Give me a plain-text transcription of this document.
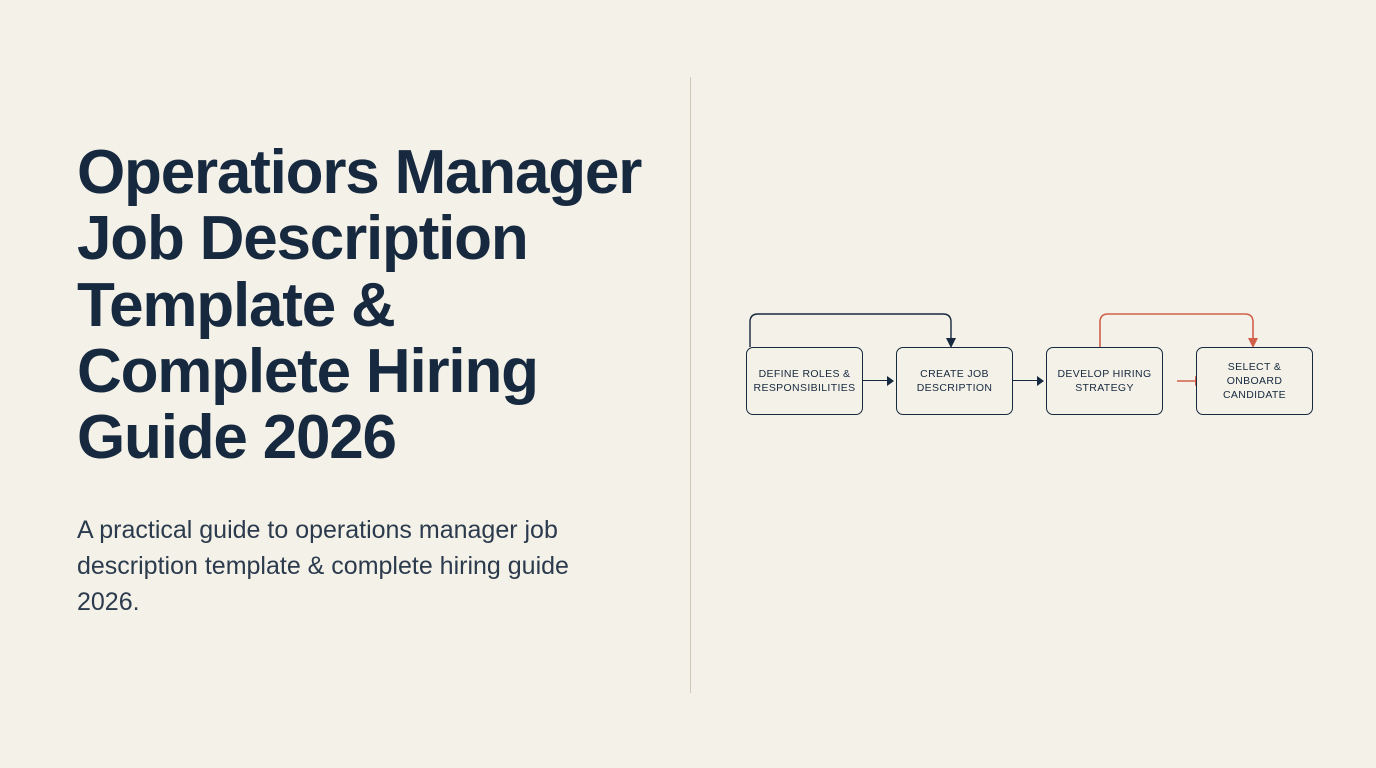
Operatiors Manager Job Description Template & Complete Hiring Guide 2026

A practical guide to operations manager job description template & complete hiring guide 2026.

DEFINE ROLES & RESPONSIBILITIES
CREATE JOB DESCRIPTION
DEVELOP HIRING STRATEGY
SELECT & ONBOARD CANDIDATE
